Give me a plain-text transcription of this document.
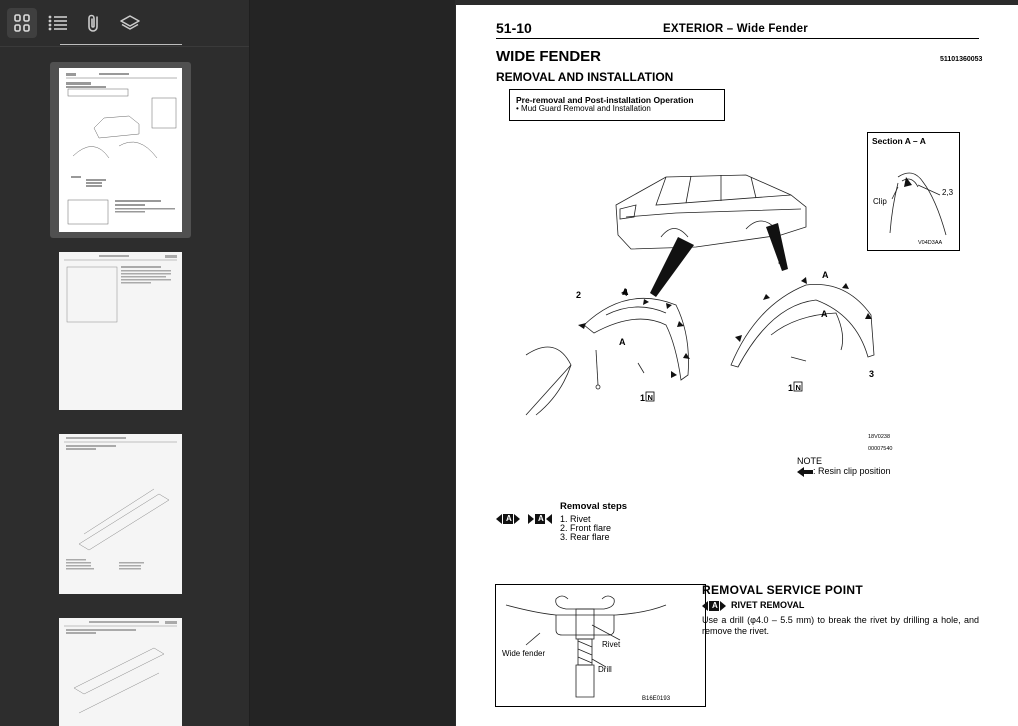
51-10	EXTERIOR – Wide Fender
WIDE FENDER	51101360053
REMOVAL AND INSTALLATION
Pre-removal and Post-installation Operation
• Mud Guard Removal and Installation
2	A
A
A
A
1 N
1 N
3
18V0238
00007540
Section A – A
Clip
2,3
V04D3AA
NOTE
: Resin clip position
A	A
Removal steps
1. Rivet
2. Front flare
3. Rear flare
Rivet
Wide fender
Drill
B16E0193
REMOVAL SERVICE POINT
A RIVET REMOVAL
Use a drill (φ4.0 – 5.5 mm) to break the rivet by drilling a hole, and remove the rivet.
